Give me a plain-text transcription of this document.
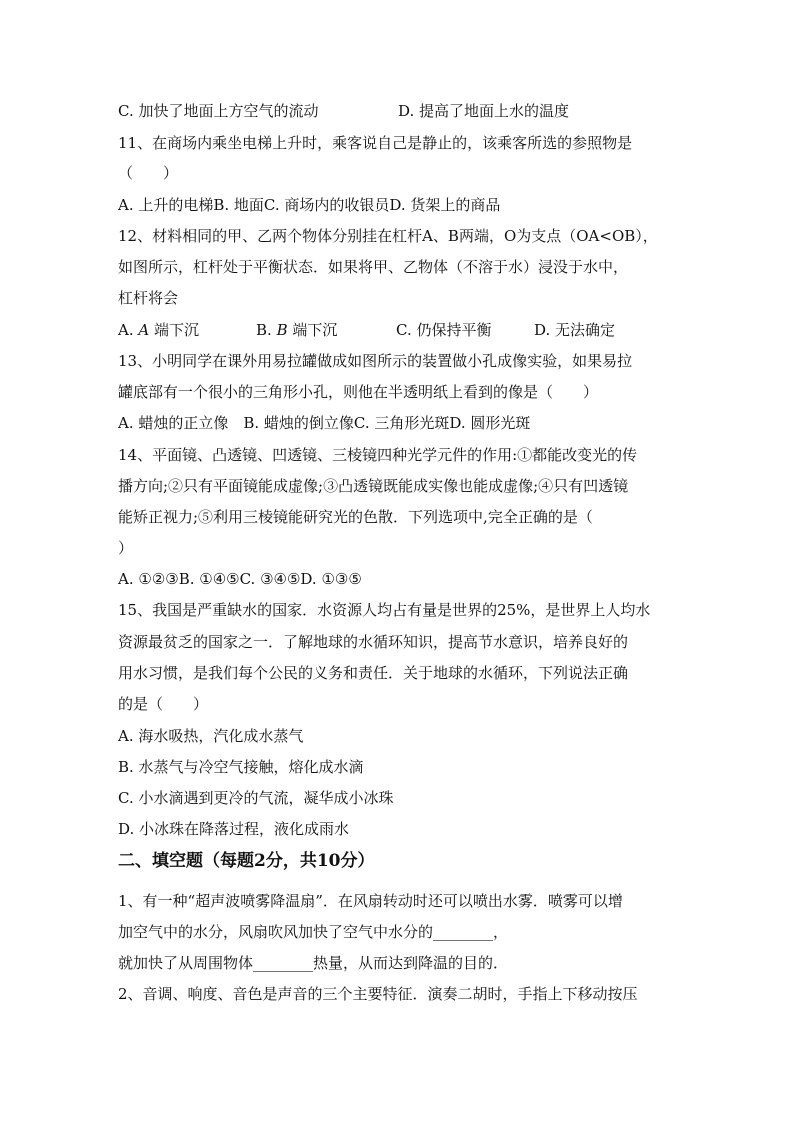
C. 加快了地面上方空气的流动	D. 提高了地面上水的温度

11、在商场内乘坐电梯上升时，乘客说自己是静止的，该乘客所选的参照物是

（　　）

A. 上升的电梯B. 地面C. 商场内的收银员D. 货架上的商品

12、材料相同的甲、乙两个物体分别挂在杠杆A、B两端，O为支点（OA<OB），

如图所示，杠杆处于平衡状态．如果将甲、乙物体（不溶于水）浸没于水中，

杠杆将会

A. A 端下沉	B. B 端下沉	C. 仍保持平衡	D. 无法确定

13、小明同学在课外用易拉罐做成如图所示的装置做小孔成像实验，如果易拉

罐底部有一个很小的三角形小孔，则他在半透明纸上看到的像是（　　）

A. 蜡烛的正立像　B. 蜡烛的倒立像C. 三角形光斑D. 圆形光斑

14、平面镜、凸透镜、凹透镜、三棱镜四种光学元件的作用:①都能改变光的传

播方向;②只有平面镜能成虚像;③凸透镜既能成实像也能成虚像;④只有凹透镜

能矫正视力;⑤利用三棱镜能研究光的色散．下列选项中,完全正确的是（

）

A. ①②③B. ①④⑤C. ③④⑤D. ①③⑤

15、我国是严重缺水的国家．水资源人均占有量是世界的25%，是世界上人均水

资源最贫乏的国家之一．了解地球的水循环知识，提高节水意识，培养良好的

用水习惯，是我们每个公民的义务和责任．关于地球的水循环，下列说法正确

的是（　　）

A. 海水吸热，汽化成水蒸气

B. 水蒸气与冷空气接触，熔化成水滴

C. 小水滴遇到更冷的气流，凝华成小冰珠

D. 小冰珠在降落过程，液化成雨水

二、填空题（每题2分，共10分）

1、有一种“超声波喷雾降温扇”．在风扇转动时还可以喷出水雾．喷雾可以增

加空气中的水分，风扇吹风加快了空气中水分的________，

就加快了从周围物体________热量，从而达到降温的目的．

2、音调、响度、音色是声音的三个主要特征．演奏二胡时，手指上下移动按压
